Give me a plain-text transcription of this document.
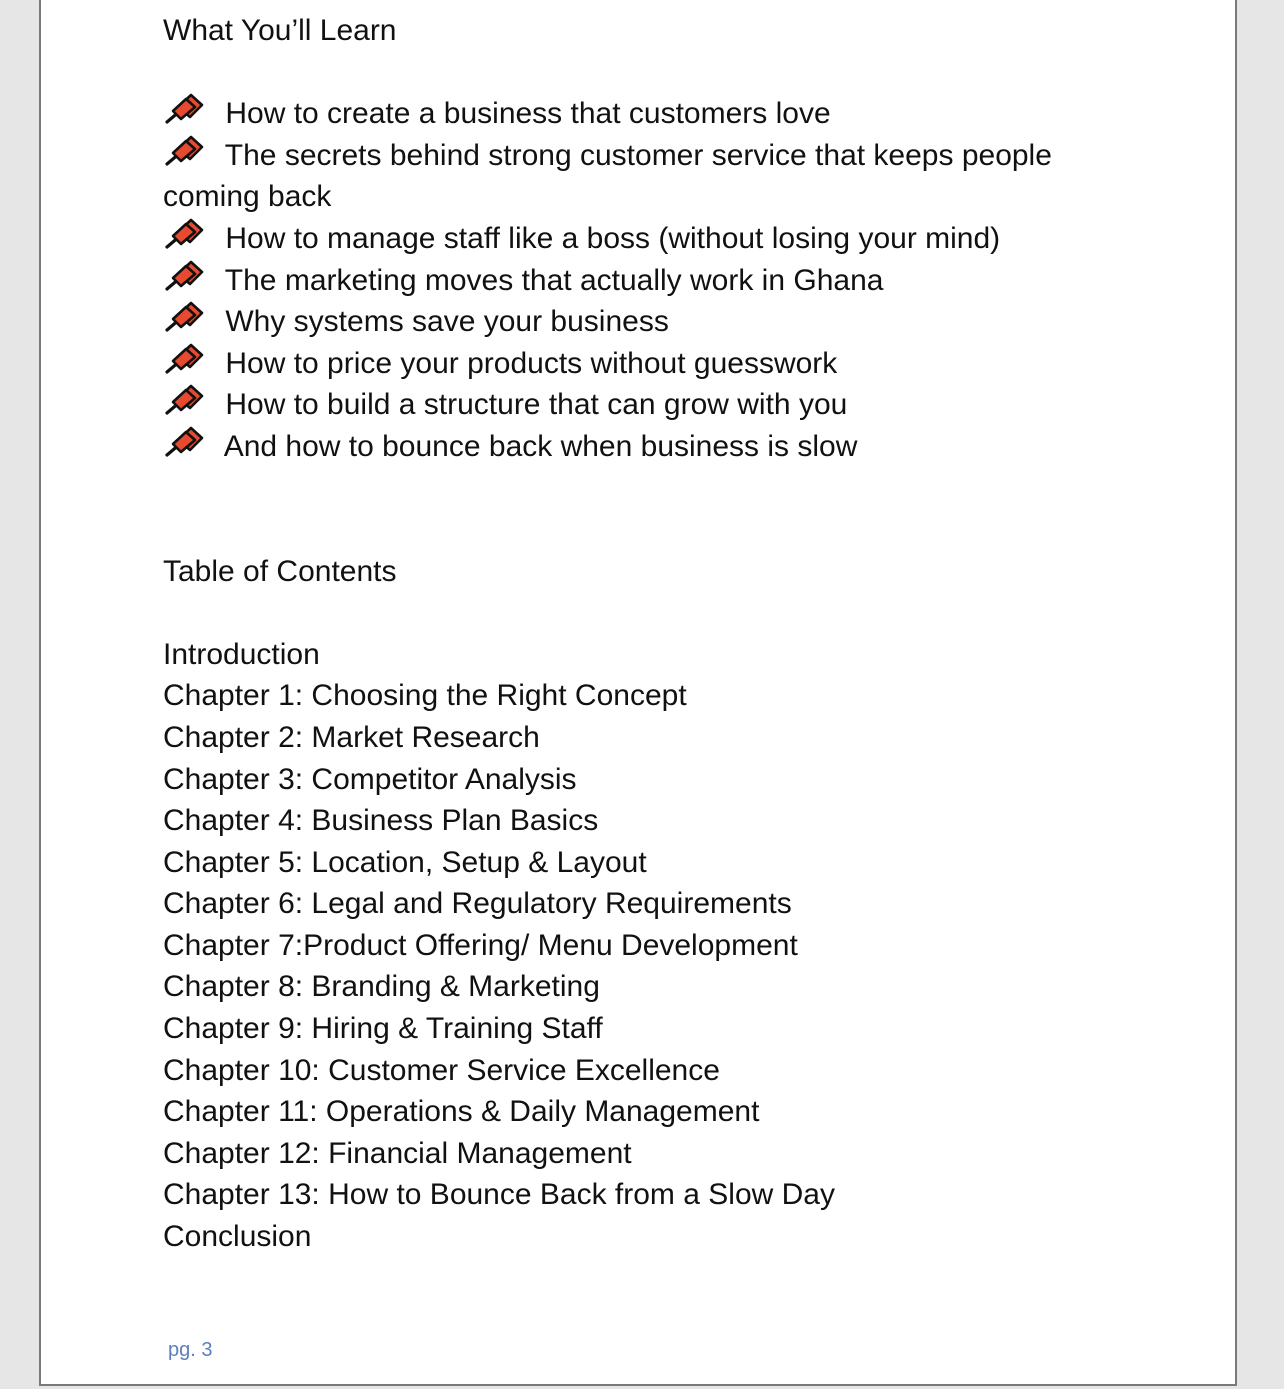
What You’ll Learn
How to create a business that customers love
The secrets behind strong customer service that keeps people coming back
How to manage staff like a boss (without losing your mind)
The marketing moves that actually work in Ghana
Why systems save your business
How to price your products without guesswork
How to build a structure that can grow with you
And how to bounce back when business is slow
Table of Contents
Introduction
Chapter 1: Choosing the Right Concept
Chapter 2: Market Research
Chapter 3: Competitor Analysis
Chapter 4: Business Plan Basics
Chapter 5: Location, Setup & Layout
Chapter 6: Legal and Regulatory Requirements
Chapter 7:Product Offering/ Menu Development
Chapter 8: Branding & Marketing
Chapter 9: Hiring & Training Staff
Chapter 10: Customer Service Excellence
Chapter 11: Operations & Daily Management
Chapter 12: Financial Management
Chapter 13: How to Bounce Back from a Slow Day
Conclusion
pg. 3
